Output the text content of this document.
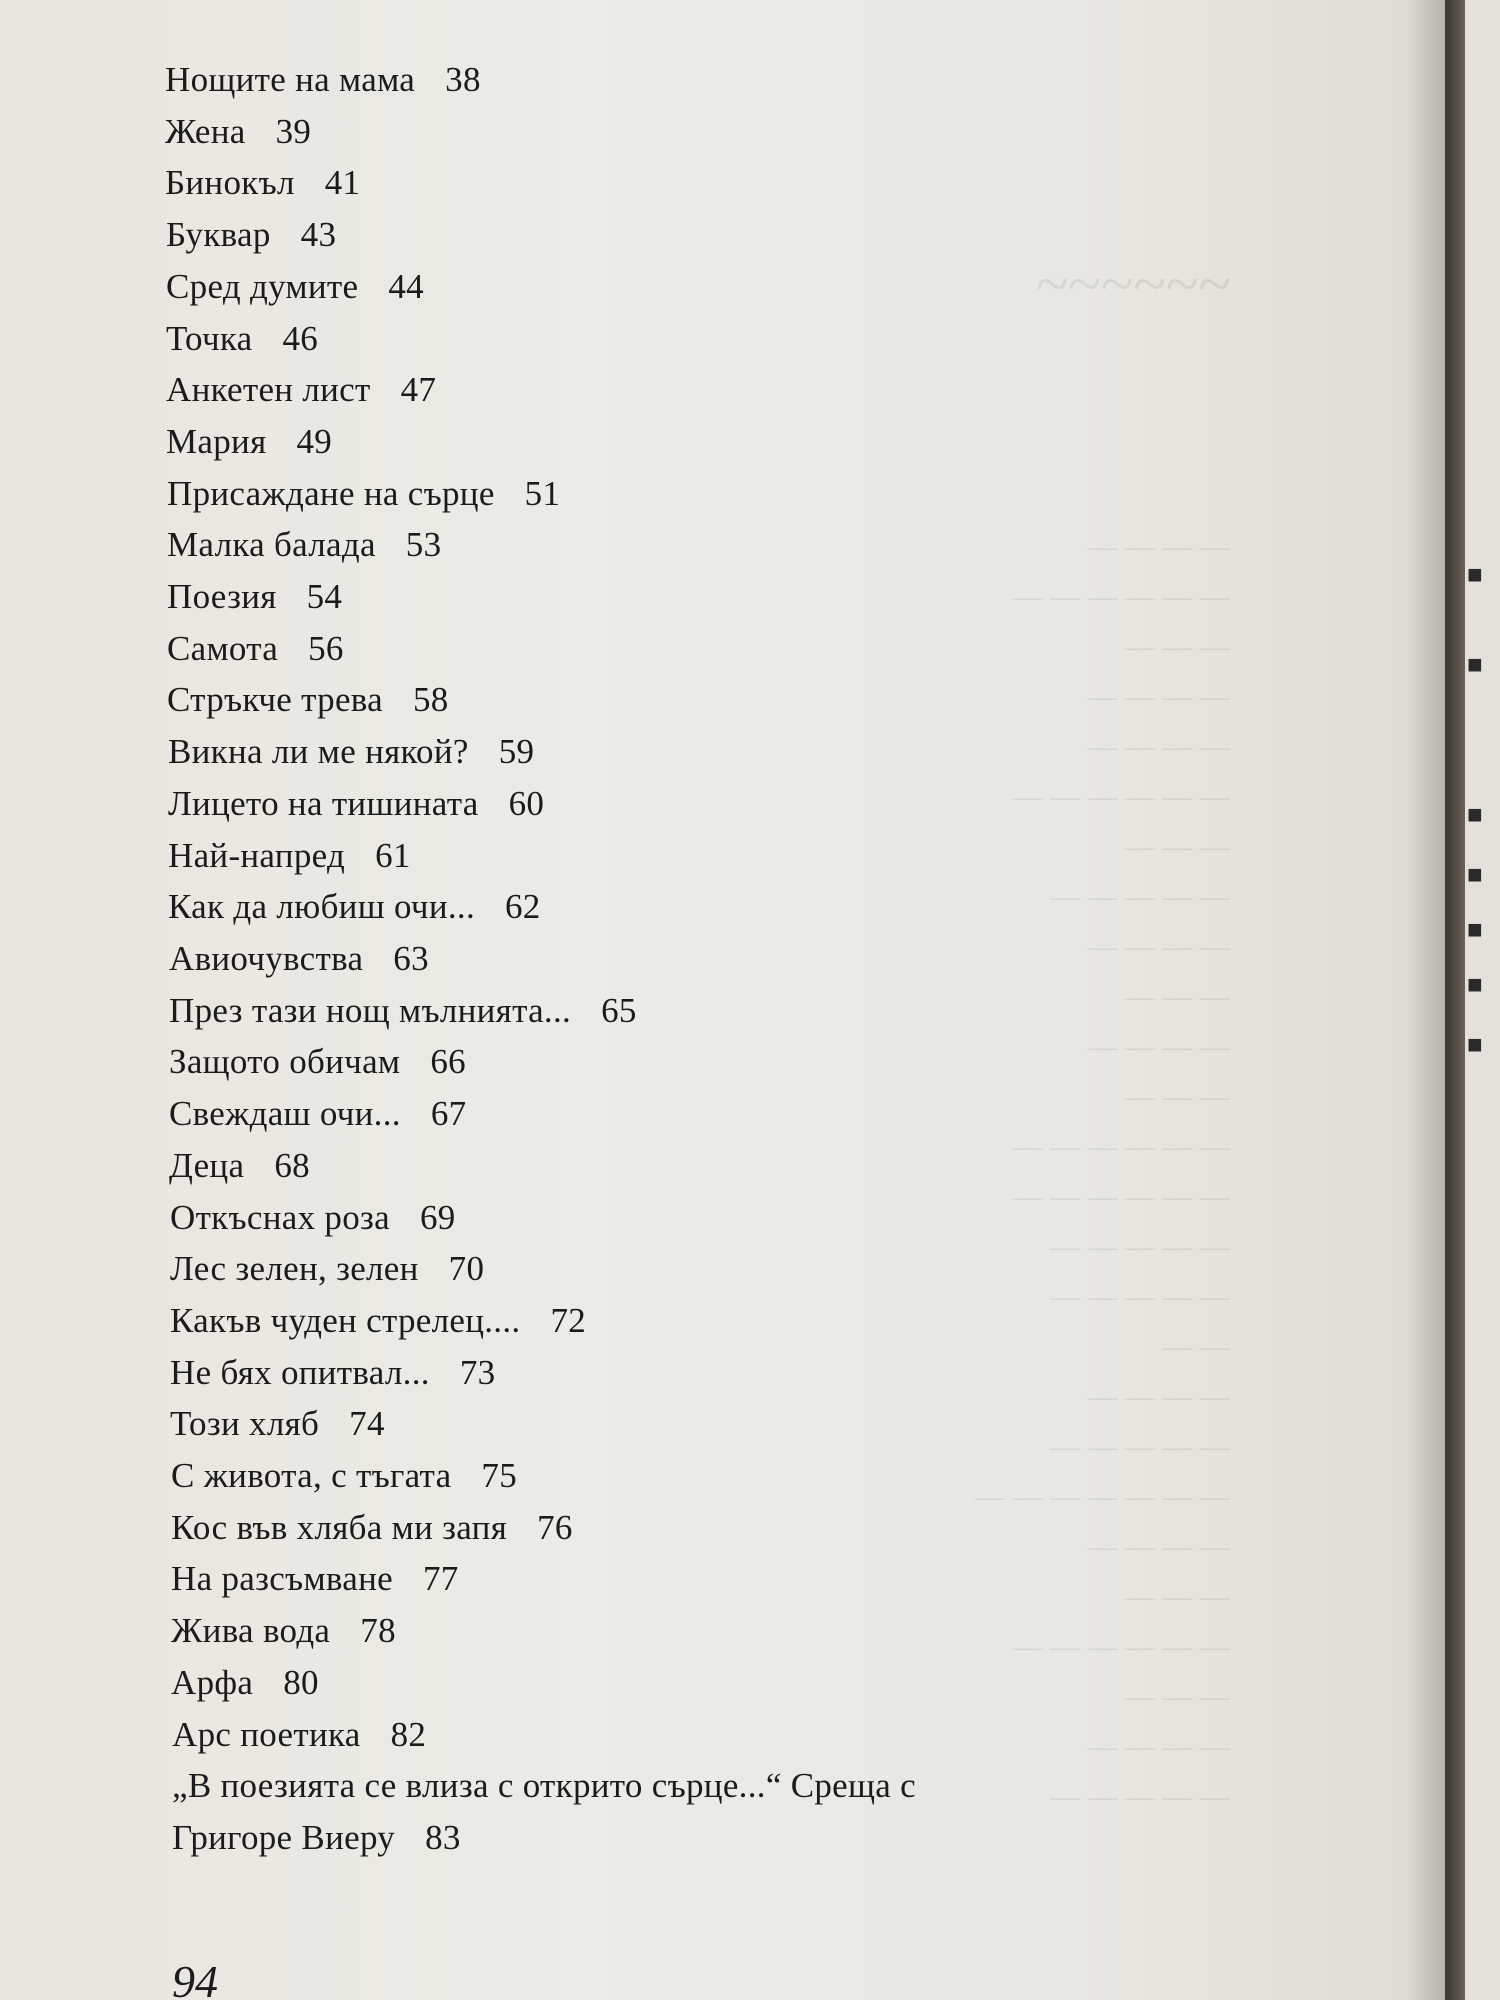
~~~~~~
— — — —
— — — — — —
— — —
— — — —
— — — —
— — — — — —
— — —
— — — — —
— — — —
— — —
— — — —
— — —
— — — — — —
— — — — — —
— — — — —
— — — — —
— —
— — — —
— — — — —
— — — — — — —
— — — —
— — —
— — — — — —
— — —
— — — —
— — — — —
Нощите на мама 38
Жена 39
Бинокъл 41
Буквар 43
Сред думите 44
Точка 46
Анкетен лист 47
Мария 49
Присаждане на сърце 51
Малка балада 53
Поезия 54
Самота 56
Стръкче трева 58
Викна ли ме някой? 59
Лицето на тишината 60
Най-напред 61
Как да любиш очи... 62
Авиочувства 63
През тази нощ мълнията... 65
Защото обичам 66
Свеждаш очи... 67
Деца 68
Откъснах роза 69
Лес зелен, зелен 70
Какъв чуден стрелец.... 72
Не бях опитвал... 73
Този хляб 74
С живота, с тъгата 75
Кос във хляба ми запя 76
На разсъмване 77
Жива вода 78
Арфа 80
Арс поетика 82
„В поезията се влиза с открито сърце...“ Среща с
Григоре Виеру 83
94
■
■
■
■
■
■
■
